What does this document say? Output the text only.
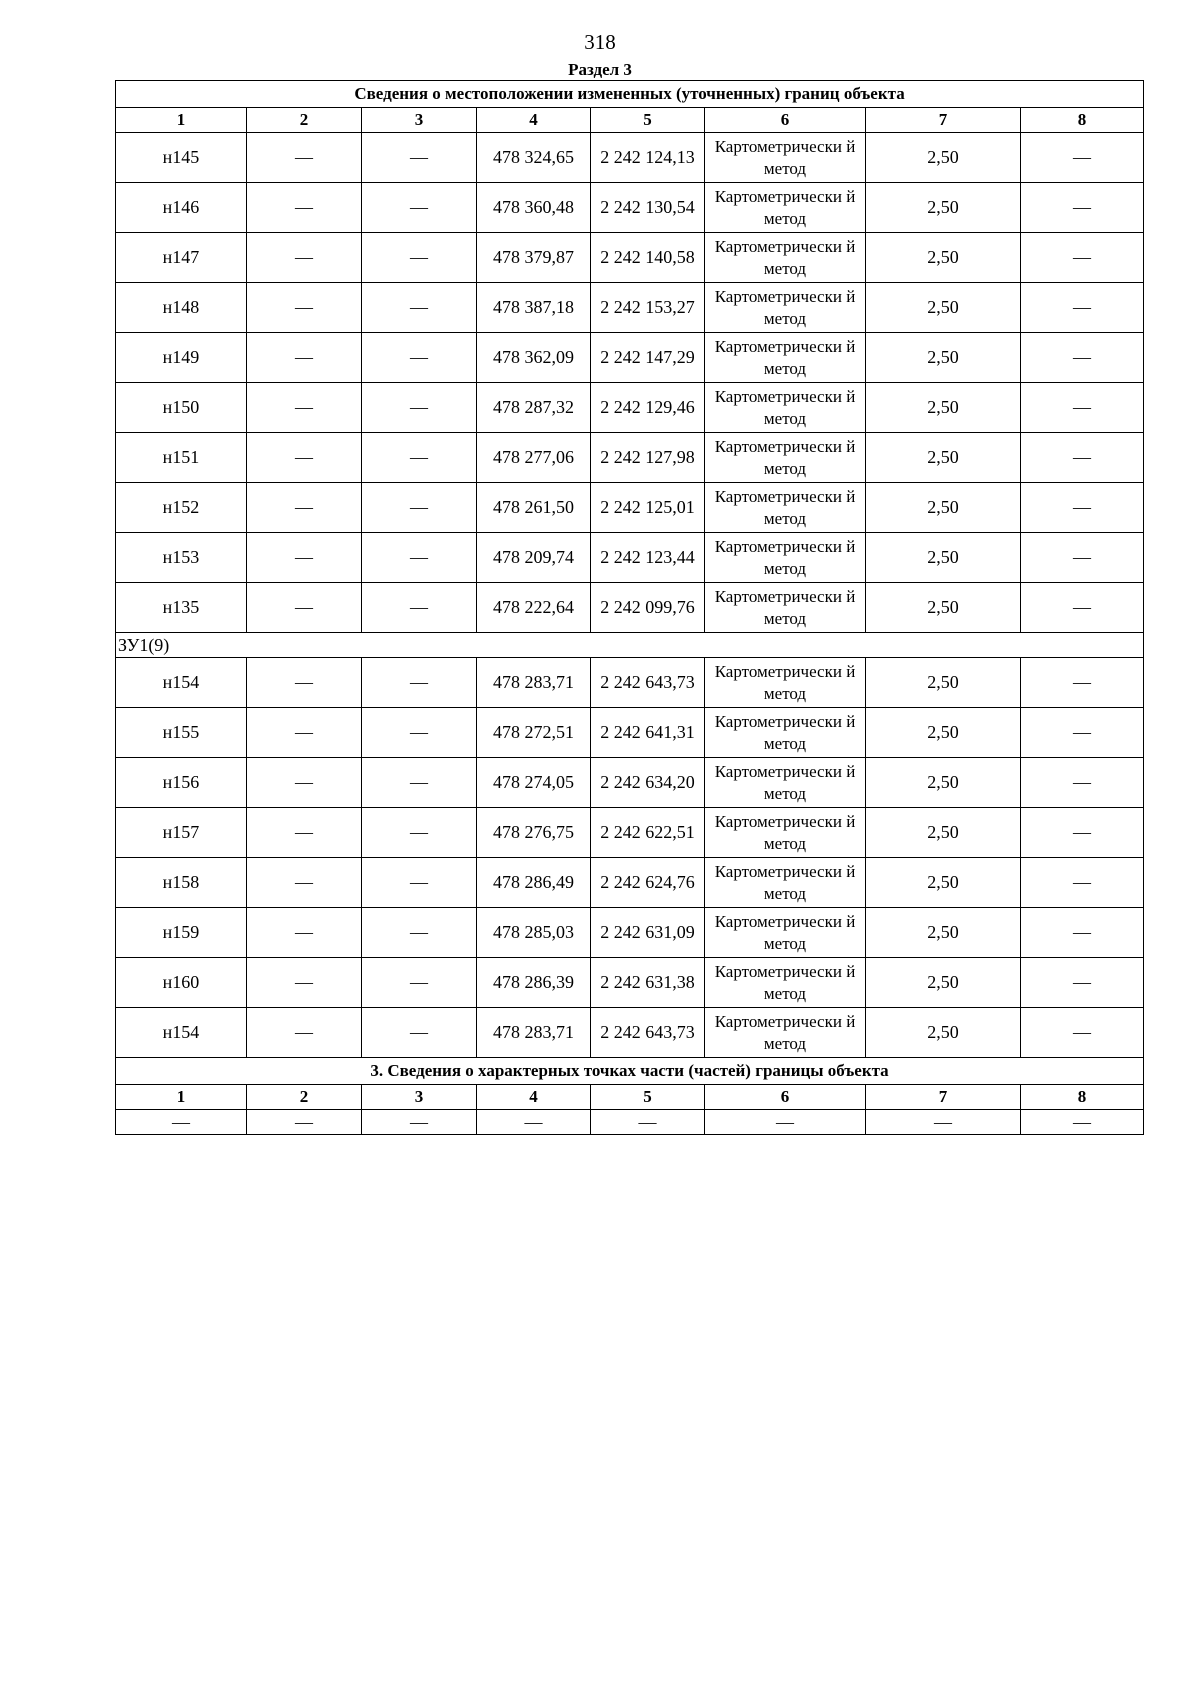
318
Раздел 3
Сведения о местоположении измененных (уточненных) границ объекта							
1	2	3	4	5	6	7	8
н145	—	—	478 324,65	2 242 124,13	Картометрически й метод	2,50	—
н146	—	—	478 360,48	2 242 130,54	Картометрически й метод	2,50	—
н147	—	—	478 379,87	2 242 140,58	Картометрически й метод	2,50	—
н148	—	—	478 387,18	2 242 153,27	Картометрически й метод	2,50	—
н149	—	—	478 362,09	2 242 147,29	Картометрически й метод	2,50	—
н150	—	—	478 287,32	2 242 129,46	Картометрически й метод	2,50	—
н151	—	—	478 277,06	2 242 127,98	Картометрически й метод	2,50	—
н152	—	—	478 261,50	2 242 125,01	Картометрически й метод	2,50	—
н153	—	—	478 209,74	2 242 123,44	Картометрически й метод	2,50	—
н135	—	—	478 222,64	2 242 099,76	Картометрически й метод	2,50	—
ЗУ1(9)							
н154	—	—	478 283,71	2 242 643,73	Картометрически й метод	2,50	—
н155	—	—	478 272,51	2 242 641,31	Картометрически й метод	2,50	—
н156	—	—	478 274,05	2 242 634,20	Картометрически й метод	2,50	—
н157	—	—	478 276,75	2 242 622,51	Картометрически й метод	2,50	—
н158	—	—	478 286,49	2 242 624,76	Картометрически й метод	2,50	—
н159	—	—	478 285,03	2 242 631,09	Картометрически й метод	2,50	—
н160	—	—	478 286,39	2 242 631,38	Картометрически й метод	2,50	—
н154	—	—	478 283,71	2 242 643,73	Картометрически й метод	2,50	—
3. Сведения о характерных точках части (частей) границы объекта							
1	2	3	4	5	6	7	8
—	—	—	—	—	—	—	—
